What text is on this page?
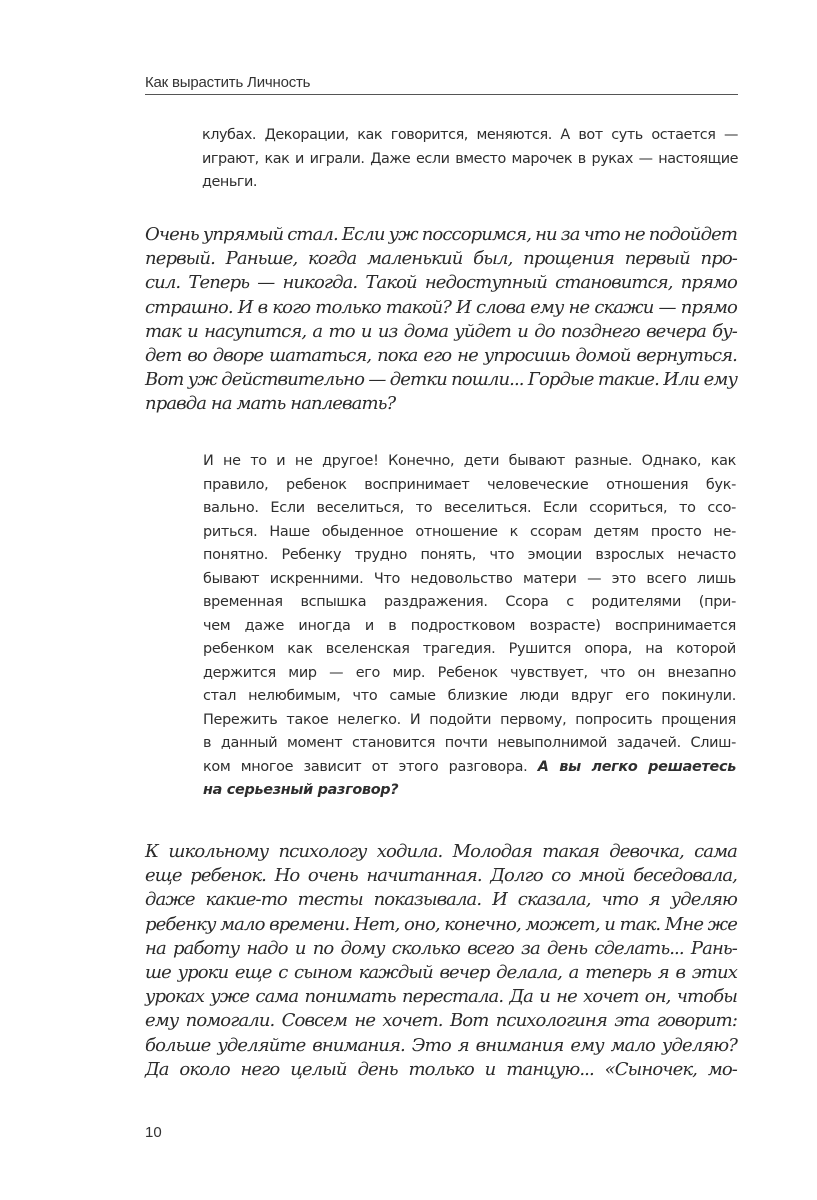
Как вырастить Личность
клубах. Декорации, как говорится, меняются. А вот суть остается —
играют, как и играли. Даже если вместо марочек в руках — настоящие
деньги.
Очень упрямый стал. Если уж поссоримся, ни за что не подойдет
первый. Раньше, когда маленький был, прощения первый про-
сил. Теперь — никогда. Такой недоступный становится, прямо
страшно. И в кого только такой? И слова ему не скажи — прямо
так и насупится, а то и из дома уйдет и до позднего вечера бу-
дет во дворе шататься, пока его не упросишь домой вернуться.
Вот уж действительно — детки пошли... Гордые такие. Или ему
правда на мать наплевать?
И не то и не другое! Конечно, дети бывают разные. Однако, как
правило, ребенок воспринимает человеческие отношения бук-
вально. Если веселиться, то веселиться. Если ссориться, то ссо-
риться. Наше обыденное отношение к ссорам детям просто не-
понятно. Ребенку трудно понять, что эмоции взрослых нечасто
бывают искренними. Что недовольство матери — это всего лишь
временная вспышка раздражения. Ссора с родителями (при-
чем даже иногда и в подростковом возрасте) воспринимается
ребенком как вселенская трагедия. Рушится опора, на которой
держится мир — его мир. Ребенок чувствует, что он внезапно
стал нелюбимым, что самые близкие люди вдруг его покинули.
Пережить такое нелегко. И подойти первому, попросить прощения
в данный момент становится почти невыполнимой задачей. Слиш-
ком многое зависит от этого разговора. А вы легко решаетесь
на серьезный разговор?
К школьному психологу ходила. Молодая такая девочка, сама
еще ребенок. Но очень начитанная. Долго со мной беседовала,
даже какие-то тесты показывала. И сказала, что я уделяю
ребенку мало времени. Нет, оно, конечно, может, и так. Мне же
на работу надо и по дому сколько всего за день сделать... Рань-
ше уроки еще с сыном каждый вечер делала, а теперь я в этих
уроках уже сама понимать перестала. Да и не хочет он, чтобы
ему помогали. Совсем не хочет. Вот психологиня эта говорит:
больше уделяйте внимания. Это я внимания ему мало уделяю?
Да около него целый день только и танцую... «Сыночек, мо-
10
